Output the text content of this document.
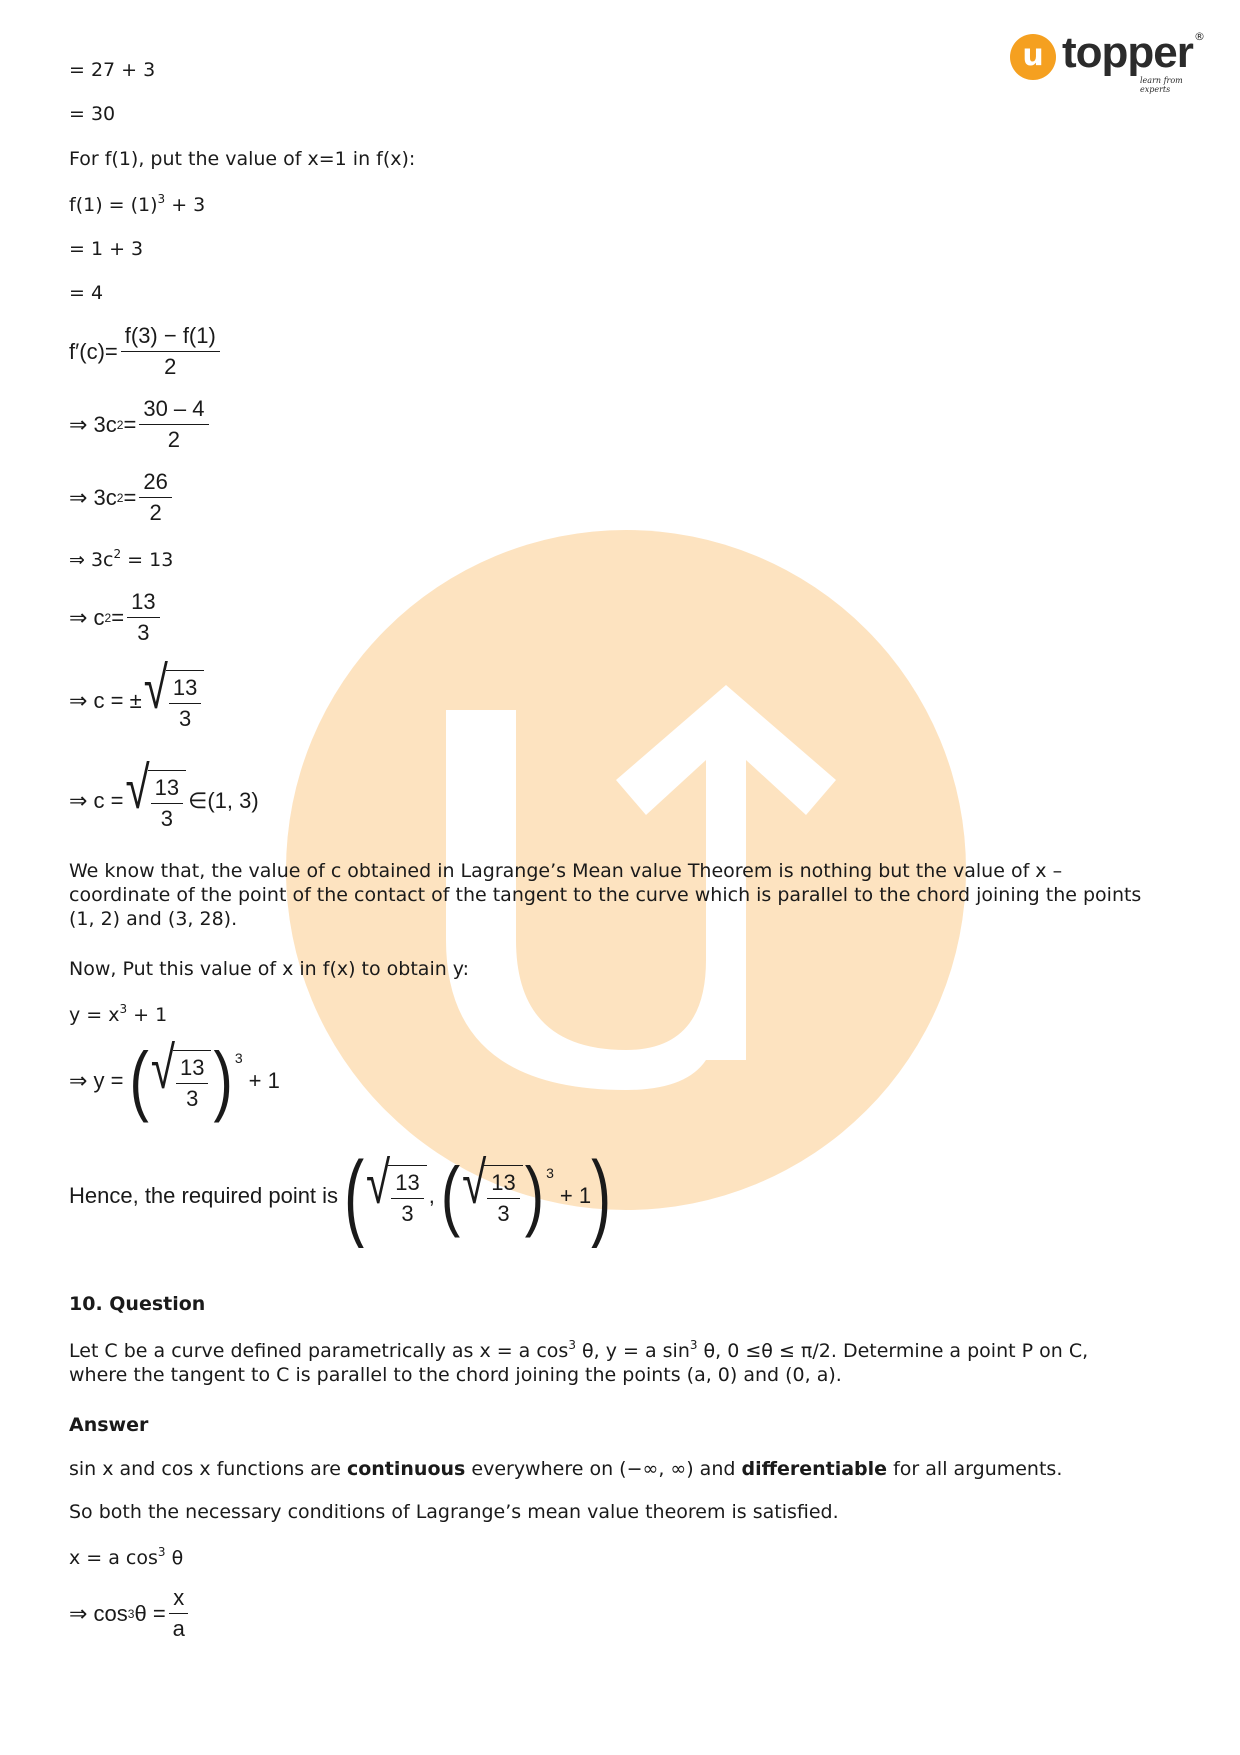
u topper ®
learn from experts
= 27 + 3
= 30
For f(1), put the value of x=1 in f(x):
$f(1) = (1)^3 + 3$
= 1 + 3
= 4
$f'(c)= \frac{f(3) - f(1)}{2}$
⇒ 3c $2 = \frac{30 - 4}{2}$
⇒ 3c $2 = \frac{26}{2}$
⇒ $3c^2 = 13$
⇒ c $2 = \frac{13}{3}$
⇒ c = ± √ $\frac{13}{3}$
⇒ c = √ $\frac{13}{3}$ ∈(1, 3)
We know that, the value of c obtained in Lagrange’s Mean value Theorem is nothing but the value of x – coordinate of the point of the contact of the tangent to the curve which is parallel to the chord joining the points (1, 2) and (3, 28).
Now, Put this value of x in f(x) to obtain y:
$y = x^3 + 1$
⇒ y = ( √ $\frac{13}{3}$ ) 3
+ 1
Hence, the required point is ( √ $\frac{13}{3}$ , ( √ $\frac{13}{3}$ ) 3
+ 1 )
10. Question
Let C be a curve defined parametrically as x = a $\cos^3 \theta$, y = a $\sin^3 \theta$, 0 ≤θ ≤ π/2. Determine a point P on C, where the tangent to C is parallel to the chord joining the points (a, 0) and (0, a).
Answer
sin x and cos x functions are continuous everywhere on (−∞, ∞) and differentiable for all arguments.
So both the necessary conditions of Lagrange’s mean value theorem is satisfied.
x = a $\cos^3 \theta$
⇒ cos 3 $\theta = \frac{x}{a}$
